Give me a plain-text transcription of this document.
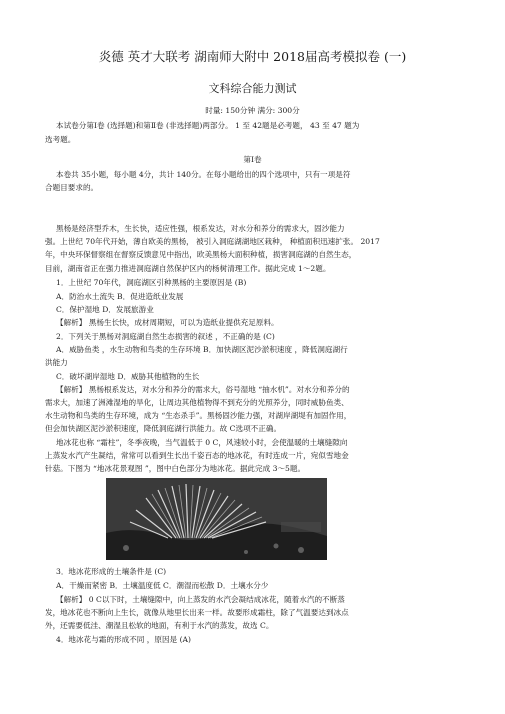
炎德 英才大联考 湖南师大附中 2018届高考模拟卷 (一)
文科综合能力测试
时量: 150分钟 满分: 300分
本试卷分第Ⅰ卷 (选择题)和第Ⅱ卷 (非选择题)两部分。 1 至 42题是必考题， 43 至 47 题为
选考题。
第Ⅰ卷
本卷共 35小题，每小题 4分，共计 140分。在每小题给出的四个选项中，只有一项是符
合题目要求的。
黑杨是经济型乔木，生长快，适应性强，根系发达，对水分和养分的需求大，固沙能力
强。上世纪 70年代开始，薄自欧美的黑杨， 被引入洞庭湖湖地区栽种， 种植面积迅速扩张。 2017
年，中央环保督察组在督察反馈意见中指出，欧美黑杨大面积种植，损害洞庭湖的自然生态，
目前，湖南省正在强力推进洞庭湖自然保护区内的杨树清理工作。据此完成 1～2题。
1．上世纪 70年代，洞庭湖区引种黑杨的主要原因是 (B)
A．防治水土流失 B．促进造纸业发展
C．保护湿地 D．发展旅游业
【解析】 黑杨生长快，成材周期短，可以为造纸业提供充足原料。
2．下列关于黑杨对洞庭湖自然生态损害的叙述 ，不正确的是 (C)
A．威胁鱼类 ，水生动物和鸟类的生存环境 B．加快湖区泥沙淤积速度 ，降低洞庭湖行
洪能力
C．破坏湖岸湿地 D．威胁其他植物的生长
【解析】 黑杨根系发达，对水分和养分的需求大，俗号湿地 “抽水机”。对水分和养分的
需求大，加速了洲滩湿地的旱化，让周边其他植物得不到充分的光照养分，同时威胁鱼类、
水生动物和鸟类的生存环境，成为 “生态杀手”。黑杨固沙能力强，对湖岸湖堤有加固作用，
但会加快湖区泥沙淤积速度，降低洞庭湖行洪能力。故 C选项不正确。
地冰花也称 “霜柱”，冬季夜晚，当气温低于 0 C，风速较小时，会使温暖的土壤缝隙向
上蒸发水汽产生凝结，常常可以看到生长出千姿百态的地冰花，有时连成一片，宛似雪地金
针菇。下图为 “地冰花景观图 ”，图中白色部分为地冰花。据此完成 3～5题。
3．地冰花形成的土壤条件是 (C)
A．干燥而紧密 B．土壤温度低 C．潮湿而松散 D．土壤水分少
【解析】 0 C以下时，土壤缝隙中，向上蒸发的水汽会凝结成冰花，随着水汽的不断蒸
发，地冰花也不断向上生长，就像从地里长出来一样。故要形成霜柱，除了气温要达到冰点
外，还需要低洼、潮湿且松软的地面，有利于水汽的蒸发，故选 C。
4．地冰花与霜的形成不同 ，原因是 (A)
